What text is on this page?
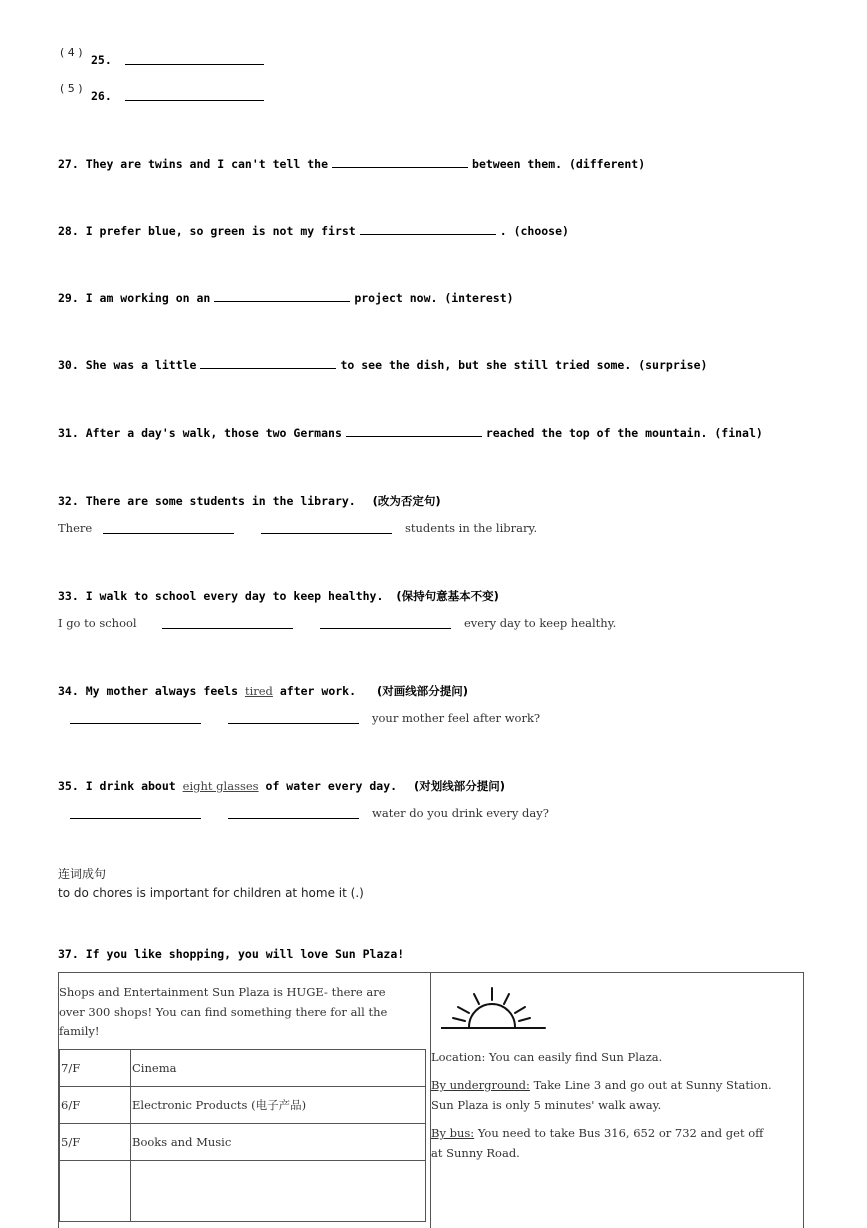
( 4 )
25.
( 5 )
26.
27. They are twins and I can't tell the	between them. (different)
28. I prefer blue, so green is not my first	. (choose)
29. I am working on an	project now. (interest)
30. She was a little	to see the dish, but she still tried some. (surprise)
31. After a day's walk, those two Germans	reached the top of the mountain. (final)
32. There are some students in the library. (改为否定句)
There	students in the library.
33. I walk to school every day to keep healthy. (保持句意基本不变)
I go to school	every day to keep healthy.
34. My mother always feels tired after work. (对画线部分提问)
your mother feel after work?
35. I drink about eight glasses of water every day. (对划线部分提问)
water do you drink every day?
连词成句
to do chores is important for children at home it (.)
37. If you like shopping, you will love Sun Plaza!
Shops and Entertainment Sun Plaza is HUGE- there are
over 300 shops! You can find something there for all the
family!
7/F	Cinema
6/F	Electronic Products (电子产品)
5/F	Books and Music

Location: You can easily find Sun Plaza.
By underground: Take Line 3 and go out at Sunny Station.
Sun Plaza is only 5 minutes' walk away.
By bus: You need to take Bus 316, 652 or 732 and get off
at Sunny Road.
